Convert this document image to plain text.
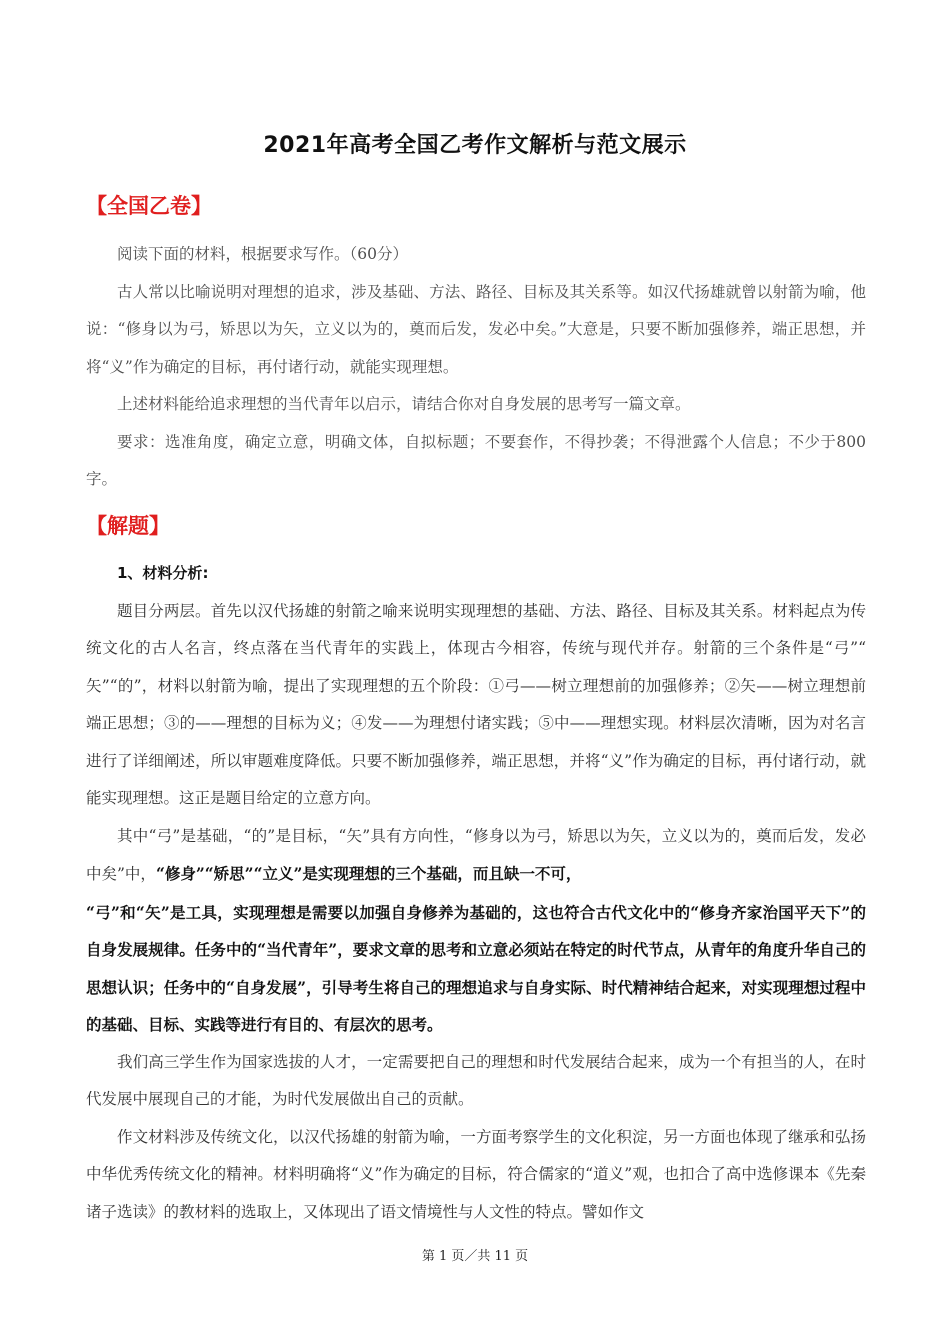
2021年高考全国乙考作文解析与范文展示
【全国乙卷】

阅读下面的材料，根据要求写作。（60分）

古人常以比喻说明对理想的追求，涉及基础、方法、路径、目标及其关系等。如汉代扬雄就曾以射箭为喻，他说：“修身以为弓，矫思以为矢，立义以为的，奠而后发，发必中矣。”大意是，只要不断加强修养，端正思想，并将“义”作为确定的目标，再付诸行动，就能实现理想。

上述材料能给追求理想的当代青年以启示，请结合你对自身发展的思考写一篇文章。

要求：选准角度，确定立意，明确文体，自拟标题；不要套作，不得抄袭；不得泄露个人信息；不少于800字。

【解题】

1、材料分析:

题目分两层。首先以汉代扬雄的射箭之喻来说明实现理想的基础、方法、路径、目标及其关系。材料起点为传统文化的古人名言，终点落在当代青年的实践上，体现古今相容，传统与现代并存。射箭的三个条件是“弓”“ 矢”“的”，材料以射箭为喻，提出了实现理想的五个阶段：①弓——树立理想前的加强修养；②矢——树立理想前端正思想；③的——理想的目标为义；④发——为理想付诸实践；⑤中——理想实现。材料层次清晰，因为对名言进行了详细阐述，所以审题难度降低。只要不断加强修养，端正思想，并将“义”作为确定的目标，再付诸行动，就能实现理想。这正是题目给定的立意方向。

其中“弓”是基础，“的”是目标，“矢”具有方向性，“修身以为弓，矫思以为矢，立义以为的，奠而后发，发必中矣”中，“修身”“矫思”“立义”是实现理想的三个基础，而且缺一不可，

“弓”和“矢”是工具，实现理想是需要以加强自身修养为基础的，这也符合古代文化中的“修身齐家治国平天下”的自身发展规律。任务中的“当代青年”，要求文章的思考和立意必须站在特定的时代节点，从青年的角度升华自己的思想认识；任务中的“自身发展”，引导考生将自己的理想追求与自身实际、时代精神结合起来，对实现理想过程中的基础、目标、实践等进行有目的、有层次的思考。

我们高三学生作为国家选拔的人才，一定需要把自己的理想和时代发展结合起来，成为一个有担当的人，在时代发展中展现自己的才能，为时代发展做出自己的贡献。

作文材料涉及传统文化，以汉代扬雄的射箭为喻，一方面考察学生的文化积淀，另一方面也体现了继承和弘扬中华优秀传统文化的精神。材料明确将“义”作为确定的目标，符合儒家的“道义”观，也扣合了高中选修课本《先秦诸子选读》的教材料的选取上，又体现出了语文情境性与人文性的特点。譬如作文

第 1 页／共 11 页
